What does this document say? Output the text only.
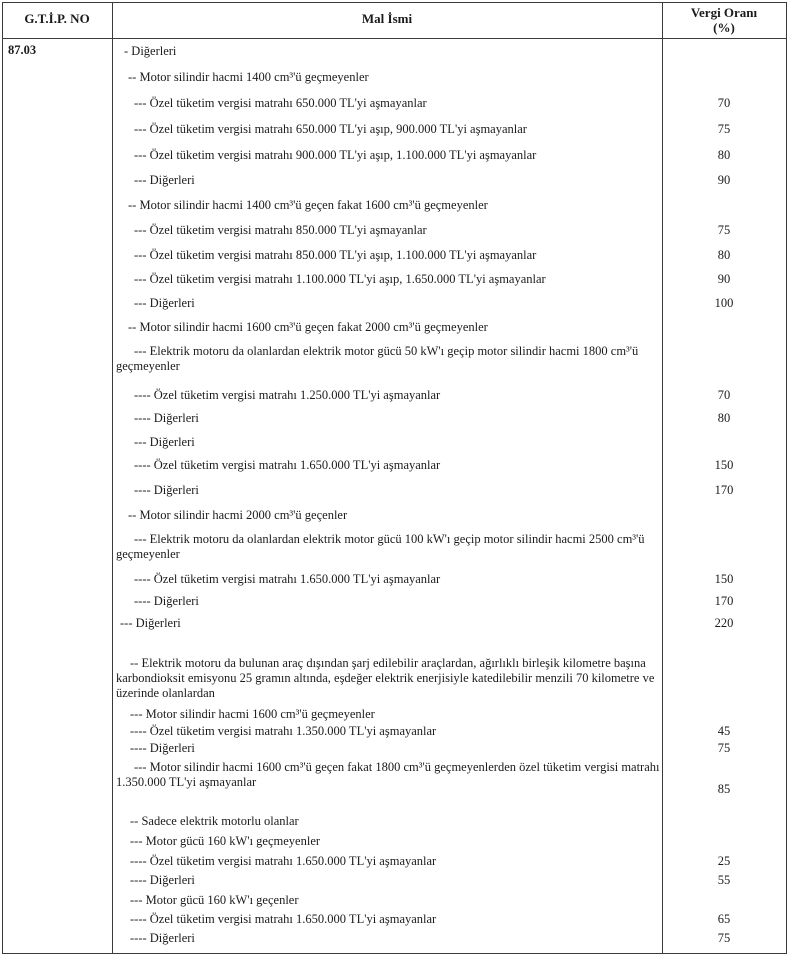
G.T.İ.P. NO	Mal İsmi	Vergi Oranı
(%)
87.03	- Diğerleri
-- Motor silindir hacmi 1400 cm³'ü geçmeyenler
--- Özel tüketim vergisi matrahı 650.000 TL'yi aşmayanlar	70
--- Özel tüketim vergisi matrahı 650.000 TL'yi aşıp, 900.000 TL'yi aşmayanlar	75
--- Özel tüketim vergisi matrahı 900.000 TL'yi aşıp, 1.100.000 TL'yi aşmayanlar	80
--- Diğerleri	90
-- Motor silindir hacmi 1400 cm³'ü geçen fakat 1600 cm³'ü geçmeyenler
--- Özel tüketim vergisi matrahı 850.000 TL'yi aşmayanlar	75
--- Özel tüketim vergisi matrahı 850.000 TL'yi aşıp, 1.100.000 TL'yi aşmayanlar	80
--- Özel tüketim vergisi matrahı 1.100.000 TL'yi aşıp, 1.650.000 TL'yi aşmayanlar	90
--- Diğerleri	100
-- Motor silindir hacmi 1600 cm³'ü geçen fakat 2000 cm³'ü geçmeyenler
--- Elektrik motoru da olanlardan elektrik motor gücü 50 kW'ı geçip motor silindir hacmi 1800 cm³'ü geçmeyenler
---- Özel tüketim vergisi matrahı 1.250.000 TL'yi aşmayanlar	70
---- Diğerleri	80
--- Diğerleri
---- Özel tüketim vergisi matrahı 1.650.000 TL'yi aşmayanlar	150
---- Diğerleri	170
-- Motor silindir hacmi 2000 cm³'ü geçenler
--- Elektrik motoru da olanlardan elektrik motor gücü 100 kW'ı geçip motor silindir hacmi 2500 cm³'ü geçmeyenler
---- Özel tüketim vergisi matrahı 1.650.000 TL'yi aşmayanlar	150
---- Diğerleri	170
--- Diğerleri	220
-- Elektrik motoru da bulunan araç dışından şarj edilebilir araçlardan, ağırlıklı birleşik kilometre başına karbondioksit emisyonu 25 gramın altında, eşdeğer elektrik enerjisiyle katedilebilir menzili 70 kilometre ve üzerinde olanlardan
--- Motor silindir hacmi 1600 cm³'ü geçmeyenler
---- Özel tüketim vergisi matrahı 1.350.000 TL'yi aşmayanlar	45
---- Diğerleri	75
--- Motor silindir hacmi 1600 cm³'ü geçen fakat 1800 cm³'ü geçmeyenlerden özel tüketim vergisi matrahı 1.350.000 TL'yi aşmayanlar	85
-- Sadece elektrik motorlu olanlar
--- Motor gücü 160 kW'ı geçmeyenler
---- Özel tüketim vergisi matrahı 1.650.000 TL'yi aşmayanlar	25
---- Diğerleri	55
--- Motor gücü 160 kW'ı geçenler
---- Özel tüketim vergisi matrahı 1.650.000 TL'yi aşmayanlar	65
---- Diğerleri	75
